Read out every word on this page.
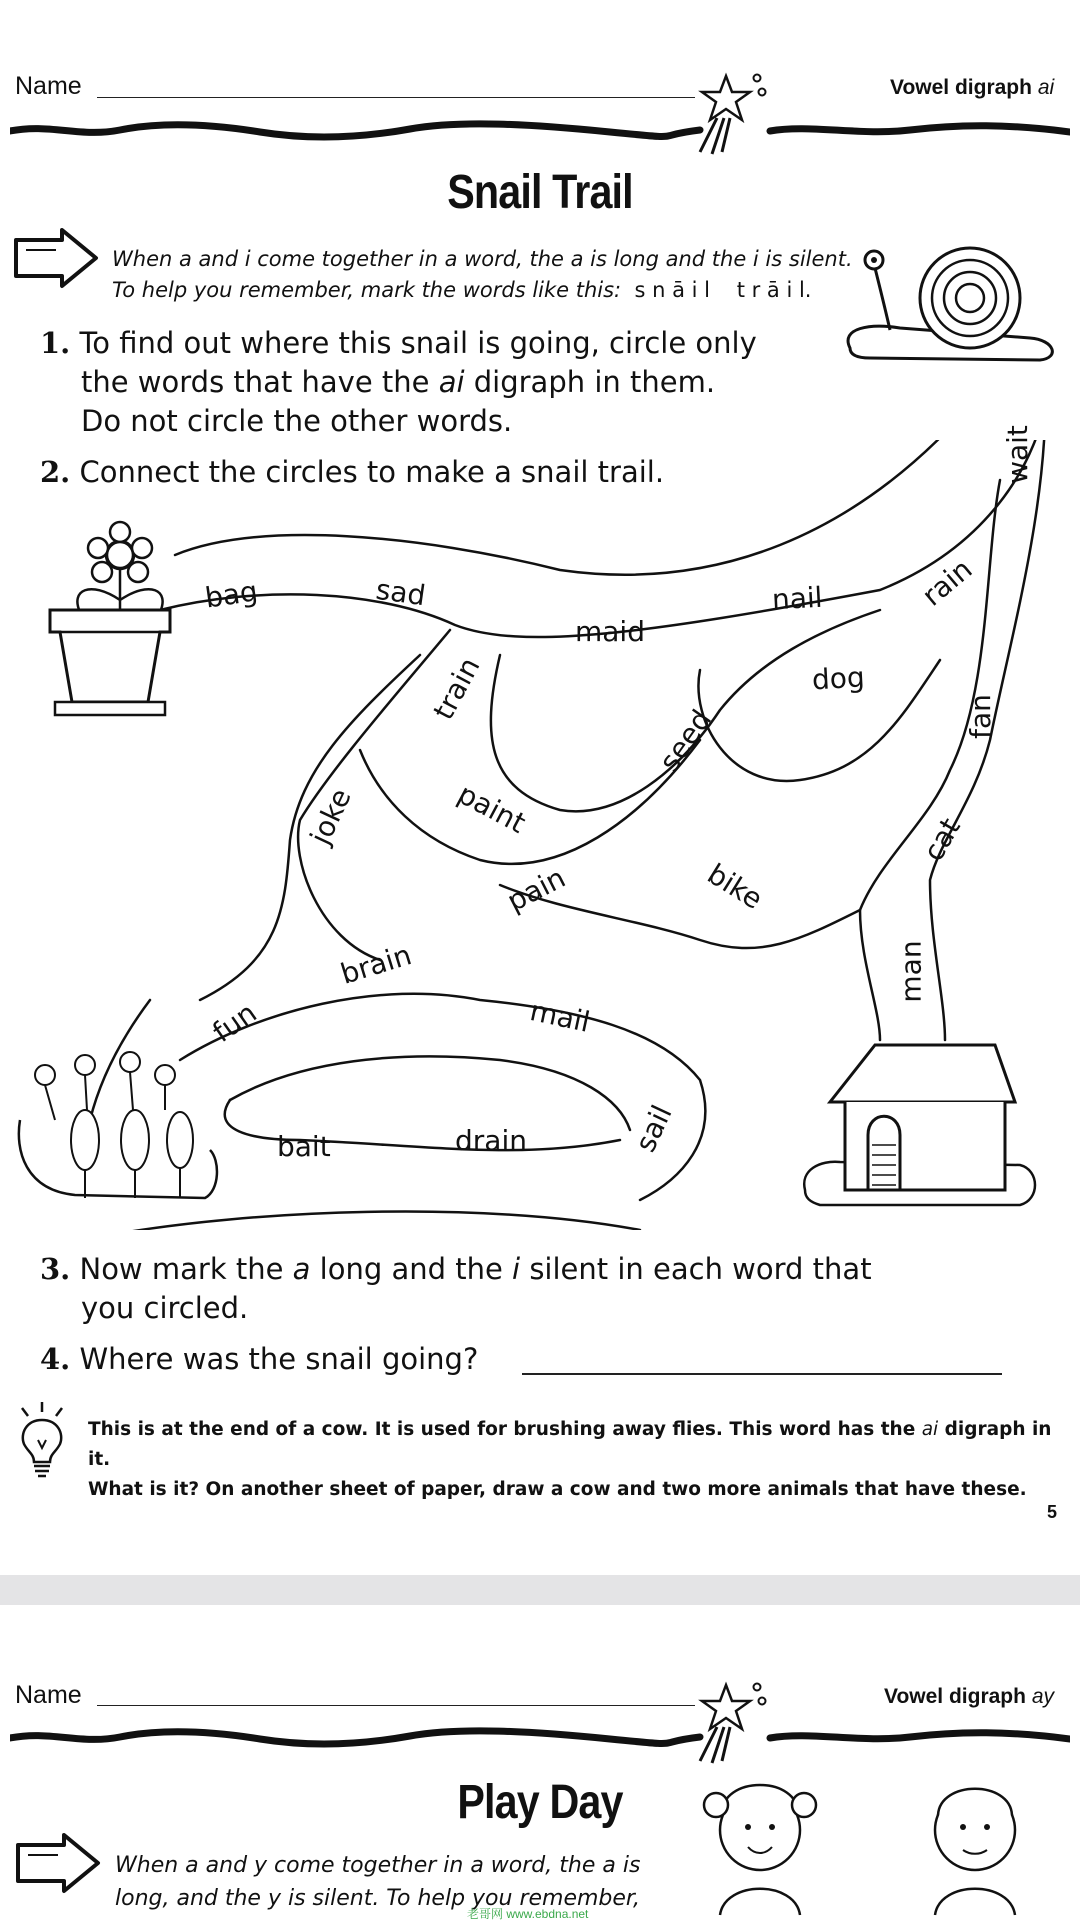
Name	Vowel digraph ai
Snail Trail
When a and i come together in a word, the a is long and the i is silent.
To help you remember, mark the words like this: s n ā i l t r ā i l.
1. To find out where this snail is going, circle only
the words that have the ai digraph in them.
Do not circle the other words.
2. Connect the circles to make a snail trail.
bag	sad
maid
nail	rain
wait
train	dog
seed	fan
joke	paint	cat
pain	bike
man
brain
mail
fun
bait	drain	sail
3. Now mark the a long and the i silent in each word that
you circled.
4. Where was the snail going?
This is at the end of a cow. It is used for brushing away flies. This word has the ai digraph in it.
What is it? On another sheet of paper, draw a cow and two more animals that have these.
5
Name	Vowel digraph ay
Play Day
When a and y come together in a word, the a is
long, and the y is silent. To help you remember,
老哥网 www.ebdna.net
